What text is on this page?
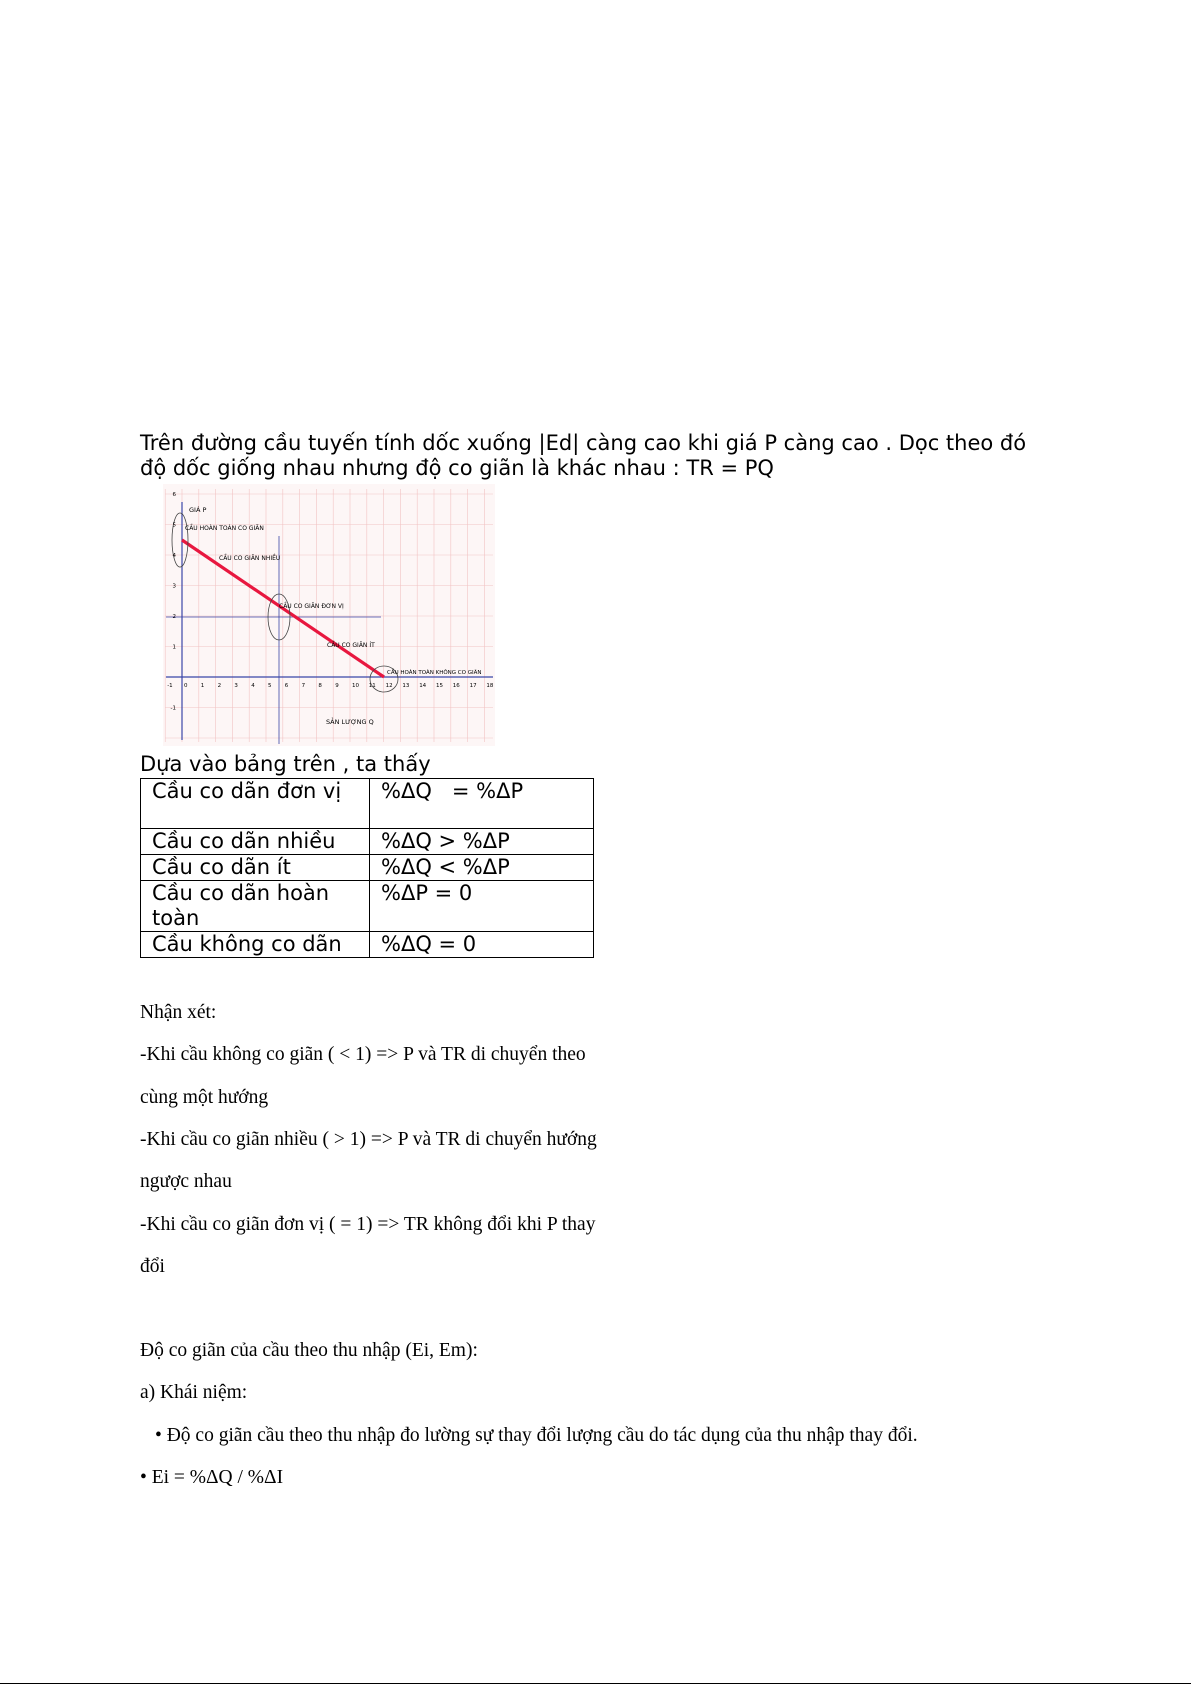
Trên đường cầu tuyến tính dốc xuống |Ed| càng cao khi giá P càng cao . Dọc theo đó
độ dốc giống nhau nhưng độ co giãn là khác nhau : TR = PQ
GIÁ P
CẦU HOÀN TOÀN CO GIÃN
CẦU CO GIÃN NHIỀU
CẦU CO GIÃN ĐƠN VỊ
CẦU CO GIÃN ÍT
CẦU HOÀN TOÀN KHÔNG CO GIÃN
SẢN LƯỢNG Q
-1 0 1 2 3 4 5 6 7 8 9 10 11 12 13 14 15 16 17 18
-1
1
2
3
4
5
6
Dựa vào bảng trên , ta thấy
Cầu co dãn đơn vị	%ΔQ   = %ΔP
Cầu co dãn nhiều	%ΔQ > %ΔP
Cầu co dãn ít	%ΔQ < %ΔP
Cầu co dãn hoàn toàn	%ΔP = 0
Cầu không co dãn	%ΔQ = 0
Nhận xét:
-Khi cầu không co giãn ( < 1) => P và TR di chuyển theo
cùng một hướng
-Khi cầu co giãn nhiều ( > 1) => P và TR di chuyển hướng
ngược nhau
-Khi cầu co giãn đơn vị ( = 1) => TR không đổi khi P thay
đổi
Độ co giãn của cầu theo thu nhập (Ei, Em):
a) Khái niệm:
• Độ co giãn cầu theo thu nhập đo lường sự thay đổi lượng cầu do tác dụng của thu nhập thay đổi.
• Ei = %ΔQ / %ΔI
